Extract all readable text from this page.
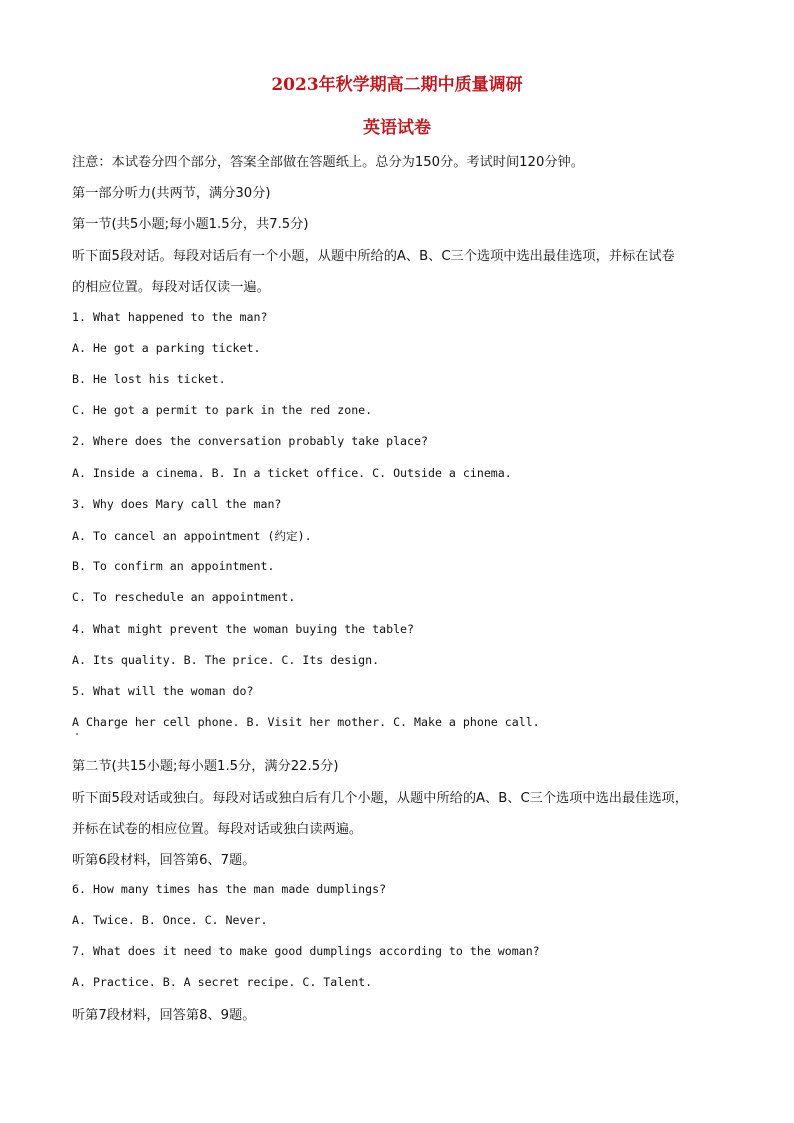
2023年秋学期高二期中质量调研
英语试卷
注意：本试卷分四个部分，答案全部做在答题纸上。总分为150分。考试时间120分钟。
第一部分听力(共两节，满分30分)
第一节(共5小题;每小题1.5分，共7.5分)
听下面5段对话。每段对话后有一个小题，从题中所给的A、B、C三个选项中选出最佳选项，并标在试卷
的相应位置。每段对话仅读一遍。
1. What happened to the man?
A. He got a parking ticket.
B. He lost his ticket.
C. He got a permit to park in the red zone.
2. Where does the conversation probably take place?
A. Inside a cinema. B. In a ticket office. C. Outside a cinema.
3. Why does Mary call the man?
A. To cancel an appointment (约定).
B. To confirm an appointment.
C. To reschedule an appointment.
4. What might prevent the woman buying the table?
A. Its quality. B. The price. C. Its design.
5. What will the woman do?
A Charge her cell phone. B. Visit her mother. C. Make a phone call.
第二节(共15小题;每小题1.5分，满分22.5分)
听下面5段对话或独白。每段对话或独白后有几个小题，从题中所给的A、B、C三个选项中选出最佳选项，
并标在试卷的相应位置。每段对话或独白读两遍。
听第6段材料，回答第6、7题。
6. How many times has the man made dumplings?
A. Twice. B. Once. C. Never.
7. What does it need to make good dumplings according to the woman?
A. Practice. B. A secret recipe. C. Talent.
听第7段材料，回答第8、9题。
